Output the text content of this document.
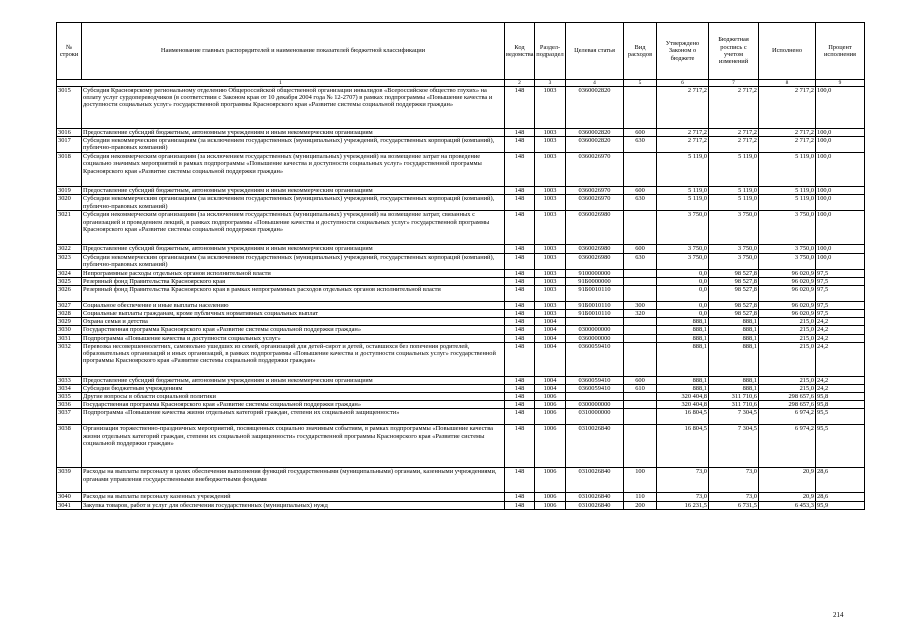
№ строки	Наименование главных распорядителей и наименование показателей бюджетной классификации	Код ведомства	Раздел-подраздел	Целевая статья	Вид расходов	Утверждено Законом о бюджете	Бюджетная роспись с учетом изменений	Исполнено	Процент исполнения
1		2	3	4	5	6	7	8	9
3015	Субсидия Красноярскому региональному отделению Общероссийской общественной организации инвалидов «Всероссийское общество глухих» на оплату услуг сурдопереводчиков (в соответствии с Законом края от 10 декабря 2004 года № 12-2707) в рамках подпрограммы «Повышение качества и доступности социальных услуг» государственной программы Красноярского края «Развитие системы социальной поддержки граждан»	148	1003	0360002820		2 717,2	2 717,2	2 717,2	100,0
3016	Предоставление субсидий бюджетным, автономным учреждениям и иным некоммерческим организациям	148	1003	0360002820	600	2 717,2	2 717,2	2 717,2	100,0
3017	Субсидии некоммерческим организациям (за исключением государственных (муниципальных) учреждений, государственных корпораций (компаний), публично-правовых компаний)	148	1003	0360002820	630	2 717,2	2 717,2	2 717,2	100,0
3018	Субсидия некоммерческим организациям (за исключением государственных (муниципальных) учреждений) на возмещение затрат на проведение социально значимых мероприятий в рамках подпрограммы «Повышение качества и доступности социальных услуг» государственной программы Красноярского края «Развитие системы социальной поддержки граждан»	148	1003	0360026970		5 119,0	5 119,0	5 119,0	100,0
3019	Предоставление субсидий бюджетным, автономным учреждениям и иным некоммерческим организациям	148	1003	0360026970	600	5 119,0	5 119,0	5 119,0	100,0
3020	Субсидии некоммерческим организациям (за исключением государственных (муниципальных) учреждений, государственных корпораций (компаний), публично-правовых компаний)	148	1003	0360026970	630	5 119,0	5 119,0	5 119,0	100,0
3021	Субсидия некоммерческим организациям (за исключением государственных (муниципальных) учреждений) на возмещение затрат, связанных с организацией и проведением лекций, в рамках подпрограммы «Повышение качества и доступности социальных услуг» государственной программы Красноярского края «Развитие системы социальной поддержки граждан»	148	1003	0360026980		3 750,0	3 750,0	3 750,0	100,0
3022	Предоставление субсидий бюджетным, автономным учреждениям и иным некоммерческим организациям	148	1003	0360026980	600	3 750,0	3 750,0	3 750,0	100,0
3023	Субсидии некоммерческим организациям (за исключением государственных (муниципальных) учреждений, государственных корпораций (компаний), публично-правовых компаний)	148	1003	0360026980	630	3 750,0	3 750,0	3 750,0	100,0
3024	Непрограммные расходы отдельных органов исполнительной власти	148	1003	9100000000		0,0	98 527,8	96 020,9	97,5
3025	Резервный фонд Правительства Красноярского края	148	1003	91Б0000000		0,0	98 527,8	96 020,9	97,5
3026	Резервный фонд Правительства Красноярского края в рамках непрограммных расходов отдельных органов исполнительной власти	148	1003	91Б0010110		0,0	98 527,8	96 020,9	97,5
3027	Социальное обеспечение и иные выплаты населению	148	1003	91Б0010110	300	0,0	98 527,8	96 020,9	97,5
3028	Социальные выплаты гражданам, кроме публичных нормативных социальных выплат	148	1003	91Б0010110	320	0,0	98 527,8	96 020,9	97,5
3029	Охрана семьи и детства	148	1004			888,1	888,1	215,0	24,2
3030	Государственная программа Красноярского края «Развитие системы социальной поддержки граждан»	148	1004	0300000000		888,1	888,1	215,0	24,2
3031	Подпрограмма «Повышение качества и доступности социальных услуг»	148	1004	0360000000		888,1	888,1	215,0	24,2
3032	Перевозка несовершеннолетних, самовольно ушедших из семей, организаций для детей-сирот и детей, оставшихся без попечения родителей, образовательных организаций и иных организаций, в рамках подпрограммы «Повышение качества и доступности социальных услуг» государственной программы Красноярского края «Развитие системы социальной поддержки граждан»	148	1004	0360059410		888,1	888,1	215,0	24,2
3033	Предоставление субсидий бюджетным, автономным учреждениям и иным некоммерческим организациям	148	1004	0360059410	600	888,1	888,1	215,0	24,2
3034	Субсидии бюджетным учреждениям	148	1004	0360059410	610	888,1	888,1	215,0	24,2
3035	Другие вопросы в области социальной политики	148	1006			320 404,8	311 710,6	298 657,6	95,8
3036	Государственная программа Красноярского края «Развитие системы социальной поддержки граждан»	148	1006	0300000000		320 404,8	311 710,6	298 657,6	95,8
3037	Подпрограмма «Повышение качества жизни отдельных категорий граждан, степени их социальной защищенности»	148	1006	0310000000		16 804,5	7 304,5	6 974,2	95,5
3038	Организация торжественно-праздничных мероприятий, посвященных социально значимым событиям, в рамках подпрограммы «Повышение качества жизни отдельных категорий граждан, степени их социальной защищенности» государственной программы Красноярского края «Развитие системы социальной поддержки граждан»	148	1006	0310026840		16 804,5	7 304,5	6 974,2	95,5
3039	Расходы на выплаты персоналу в целях обеспечения выполнения функций государственными (муниципальными) органами, казенными учреждениями, органами управления государственными внебюджетными фондами	148	1006	0310026840	100	73,0	73,0	20,9	28,6
3040	Расходы на выплаты персоналу казенных учреждений	148	1006	0310026840	110	73,0	73,0	20,9	28,6
3041	Закупка товаров, работ и услуг для обеспечения государственных (муниципальных) нужд	148	1006	0310026840	200	16 231,5	6 731,5	6 453,3	95,9
214
